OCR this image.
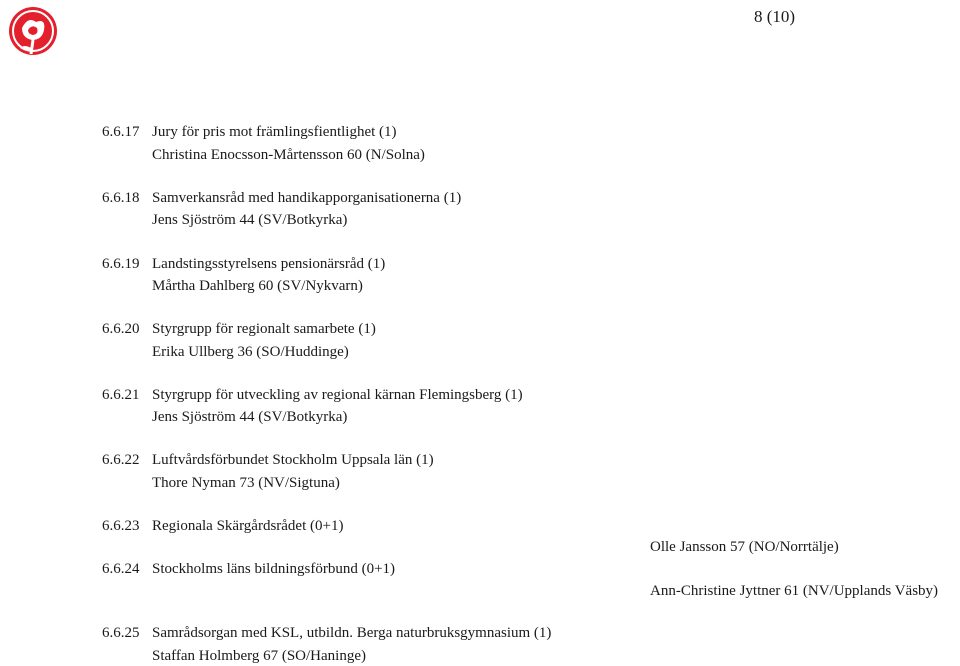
8 (10)
6.6.17 Jury för pris mot främlingsfientlighet (1)
Christina Enocsson-Mårtensson 60 (N/Solna)
6.6.18 Samverkansråd med handikapporganisationerna (1)
Jens Sjöström 44 (SV/Botkyrka)
6.6.19 Landstingsstyrelsens pensionärsråd (1)
Mårtha Dahlberg 60 (SV/Nykvarn)
6.6.20 Styrgrupp för regionalt samarbete (1)
Erika Ullberg 36 (SO/Huddinge)
6.6.21 Styrgrupp för utveckling av regional kärnan Flemingsberg (1)
Jens Sjöström 44 (SV/Botkyrka)
6.6.22 Luftvårdsförbundet Stockholm Uppsala län (1)
Thore Nyman 73 (NV/Sigtuna)
6.6.23 Regionala Skärgårdsrådet (0+1)
Olle Jansson 57 (NO/Norrtälje)
6.6.24 Stockholms läns bildningsförbund (0+1)
Ann-Christine Jyttner 61 (NV/Upplands Väsby)
6.6.25 Samrådsorgan med KSL, utbildn. Berga naturbruksgymnasium (1)
Staffan Holmberg 67 (SO/Haninge)
